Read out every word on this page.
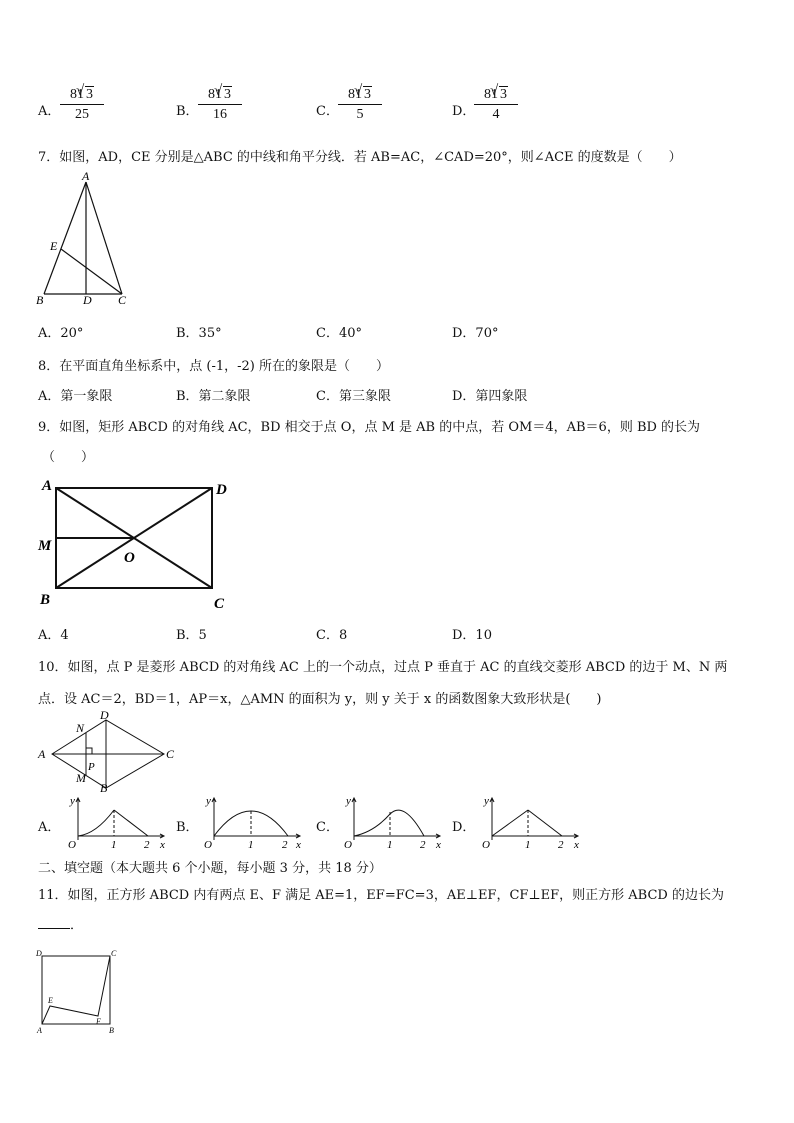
A． $\frac{81 √ 3}{25}$	B． $\frac{81 √ 3}{16}$	C． $\frac{81 √ 3}{5}$	D．
$\frac{81 √ 3}{4}$
7．如图，AD，CE 分别是△ABC 的中线和角平分线．若 AB=AC，∠CAD=20°，则∠ACE 的度数是（　　）
A
B	D C
E
A．20°	B．35°	C．40°	D．70°
8．在平面直角坐标系中，点 (-1，-2) 所在的象限是（　　）
A．第一象限	B．第二象限	C．第三象限	D．第四象限
9．如图，矩形 ABCD 的对角线 AC，BD 相交于点 O，点 M 是 AB 的中点，若 OM＝4，AB＝6，则 BD 的长为
（　　）
A	D
M
O
B	C
A．4	B．5	C．8	D．10
10．如图，点 P 是菱形 ABCD 的对角线 AC 上的一个动点，过点 P 垂直于 AC 的直线交菱形 ABCD 的边于 M、N 两
点．设 AC＝2，BD＝1，AP＝x，△AMN 的面积为 y，则 y 关于 x 的函数图象大致形状是(　　)
A
D
C
B
N
M
P
A．
y
O	1	2 x
B．
y
O	1	2 x
C．
y
O	1	2 x
D．
y
O	1	2 x
二、填空题（本大题共 6 个小题，每小题 3 分，共 18 分）
11．如图，正方形 ABCD 内有两点 E、F 满足 AE=1，EF=FC=3，AE⊥EF，CF⊥EF，则正方形 ABCD 的边长为
．
D	C
E
F
A	B
